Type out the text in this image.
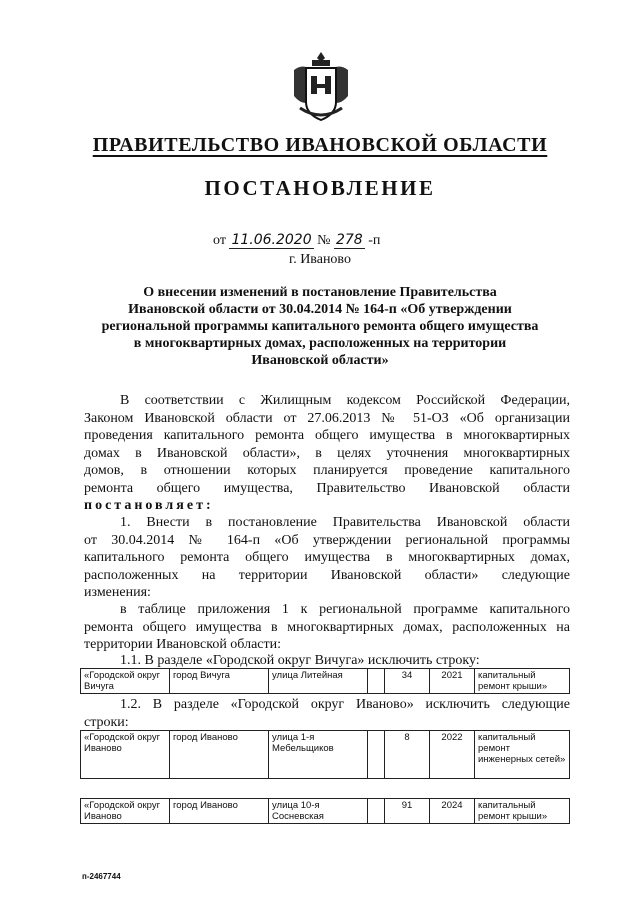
ПРАВИТЕЛЬСТВО ИВАНОВСКОЙ ОБЛАСТИ
ПОСТАНОВЛЕНИЕ
от 11.06.2020 № 278 -п
г. Иваново
О внесении изменений в постановление Правительства
Ивановской области от 30.04.2014 № 164-п «Об утверждении
региональной программы капитального ремонта общего имущества
в многоквартирных домах, расположенных на территории
Ивановской области»
В соответствии с Жилищным кодексом Российской Федерации,
Законом Ивановской области от 27.06.2013 № 51-ОЗ «Об организации
проведения капитального ремонта общего имущества в многоквартирных
домах в Ивановской области», в целях уточнения многоквартирных
домов, в отношении которых планируется проведение капитального
ремонта общего имущества, Правительство Ивановской области
постановляет:
1. Внести в постановление Правительства Ивановской области
от 30.04.2014 № 164-п «Об утверждении региональной программы
капитального ремонта общего имущества в многоквартирных домах,
расположенных на территории Ивановской области» следующие
изменения:
в таблице приложения 1 к региональной программе капитального
ремонта общего имущества в многоквартирных домах, расположенных на
территории Ивановской области:
1.1. В разделе «Городской округ Вичуга» исключить строку:
«Городской округ Вичуга	город Вичуга	улица Литейная		34	2021	капитальный ремонт крыши»
1.2. В разделе «Городской округ Иваново» исключить следующие
строки:
«Городской округ Иваново	город Иваново	улица 1-я Мебельщиков		8	2022	капитальный ремонт инженерных сетей»
«Городской округ Иваново	город Иваново	улица 10-я Сосневская		91	2024	капитальный ремонт крыши»
п-2467744
